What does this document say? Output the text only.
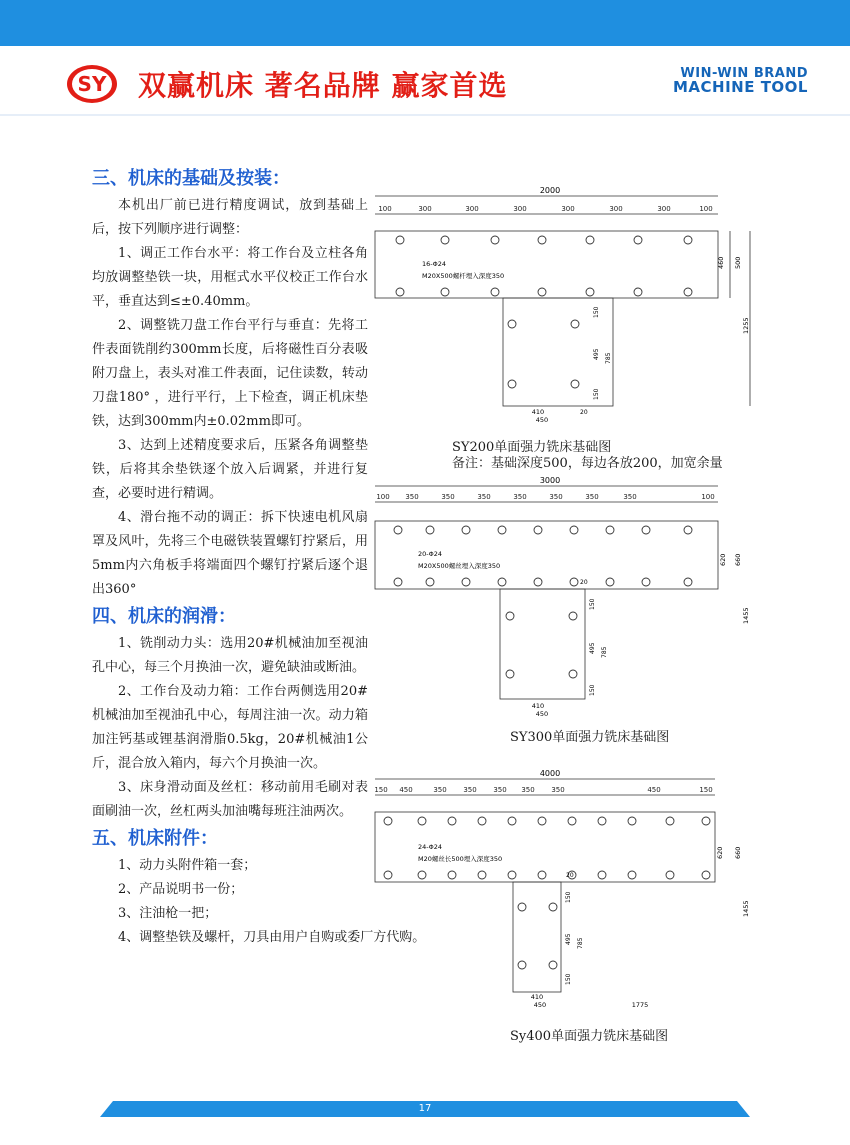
SY 双赢机床 著名品牌 赢家首选	WIN-WIN BRAND
MACHINE TOOL
三、机床的基础及按装：

本机出厂前已进行精度调试，放到基础上后，按下列顺序进行调整：

1、调正工作台水平：将工作台及立柱各角均放调整垫铁一块，用框式水平仪校正工作台水平，垂直达到≤±0.40mm。

2、调整铣刀盘工作台平行与垂直：先将工件表面铣削约300mm长度，后将磁性百分表吸附刀盘上，表头对准工件表面，记住读数，转动刀盘180° ，进行平行，上下检查，调正机床垫铁，达到300mm内±0.02mm即可。

3、达到上述精度要求后，压紧各角调整垫铁，后将其余垫铁逐个放入后调紧，并进行复查，必要时进行精调。

4、滑台拖不动的调正：拆下快速电机风扇罩及风叶，先将三个电磁铁装置螺钉拧紧后，用5mm内六角板手将端面四个螺钉拧紧后逐个退出360°

四、机床的润滑：

1、铣削动力头：选用20#机械油加至视油孔中心，每三个月换油一次，避免缺油或断油。

2、工作台及动力箱：工作台两侧选用20#机械油加至视油孔中心，每周注油一次。动力箱加注钙基或锂基润滑脂0.5kg，20#机械油1公斤，混合放入箱内，每六个月换油一次。

3、床身滑动面及丝杠：移动前用毛刷对表面刷油一次，丝杠两头加油嘴每班注油两次。

五、机床附件：

1、动力头附件箱一套；

2、产品说明书一份；

3、注油枪一把；

4、调整垫铁及螺杆，刀具由用户自购或委厂方代购。

2000
100	300	300	300	300	300	300	100
16-Φ24
M20X500螺杆埋入深度350
460 500
1255
150
495 785
150
410
450
20
SY200单面强力铣床基础图
备注：基础深度500，每边各放200，加宽余量
3000
100 350	350	350	350	350	350	350	100
20-Φ24
M20X500螺丝埋入深度350	620 660
1455
150
495 785
150
410
450
20
SY300单面强力铣床基础图
4000
150 450	350 350 350 350 350	450	150
24-Φ24
M20螺丝长500埋入深度350	620 660
1455
150
495 785
150
410
450	1775
20
Sy400单面强力铣床基础图
17
